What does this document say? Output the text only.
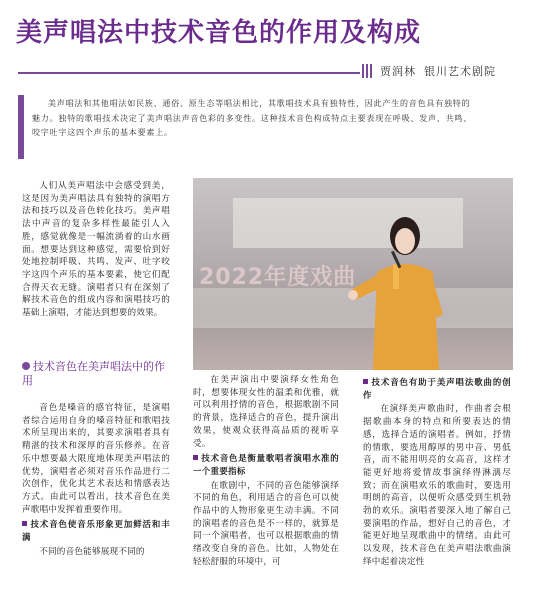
美声唱法中技术音色的作用及构成
贾润林 银川艺术剧院
美声唱法和其他唱法如民族、通俗、原生态等唱法相比，其歌唱技术具有独特性，因此产生的音色具有独特的魅力。独特的歌唱技术决定了美声唱法声音色彩的多变性。这种技术音色构成特点主要表现在呼吸、发声、共鸣、咬字吐字这四个声乐的基本要素上。

人们从美声唱法中会感受到美，这是因为美声唱法具有独特的演唱方法和技巧以及音色转化技巧。美声唱法中声音的复杂多样性最能引人入胜，感觉就像是一幅流淌着的山水画面。想要达到这种感觉，需要恰到好处地控制呼吸、共鸣、发声、吐字咬字这四个声乐的基本要素，使它们配合得天衣无缝。演唱者只有在深刻了解技术音色的组成内容和演唱技巧的基础上演唱，才能达到想要的效果。

技术音色在美声唱法中的作用

音色是嗓音的感官特征，是演唱者综合运用自身的嗓音特征和歌唱技术所呈现出来的，其要求演唱者具有精湛的技术和深厚的音乐修养。在音乐中想要最大限度地体现美声唱法的优势，演唱者必须对音乐作品进行二次创作，优化其艺术表达和情感表达方式。由此可以看出，技术音色在美声歌唱中发挥着重要作用。

技术音色使音乐形象更加鲜活和丰满

不同的音色能够展现不同的

2022年度戏曲

在美声演出中要演绎女性角色时，想要体现女性的温柔和优雅，就可以利用抒情的音色，根据歌剧不同的背景，选择适合的音色，提升演出效果，使观众获得高品质的视听享受。

技术音色是衡量歌唱者演唱水准的一个重要指标

在歌剧中，不同的音色能够演绎不同的角色，利用适合的音色可以使作品中的人物形象更生动丰满。不同的演唱者的音色是不一样的，就算是同一个演唱者，也可以根据歌曲的情绪改变自身的音色。比如，人物处在轻松舒服的环境中，可

技术音色有助于美声唱法歌曲的创作

在演绎美声歌曲时，作曲者会根据歌曲本身的特点和所要表达的情感，选择合适的演唱者。例如，抒情的情歌，要选用醇厚的男中音、男低音，而不能用明亮的女高音，这样才能更好地将爱情故事演绎得淋漓尽致；而在演唱欢乐的歌曲时，要选用明朗的高音，以便听众感受到生机勃勃的欢乐。演唱者要深入地了解自己要演唱的作品，想好自己的音色，才能更好地呈现歌曲中的情绪。由此可以发现，技术音色在美声唱法歌曲演绎中起着决定性
